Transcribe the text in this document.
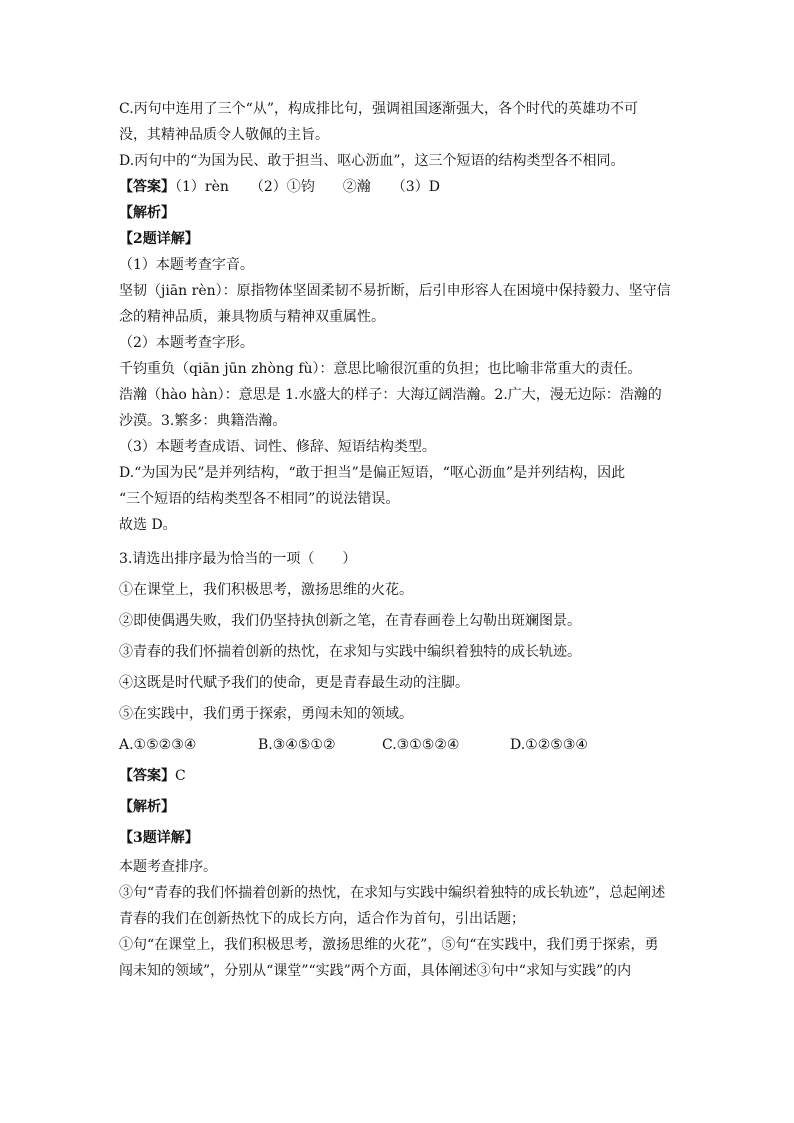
C.丙句中连用了三个“从”，构成排比句，强调祖国逐渐强大，各个时代的英雄功不可
没，其精神品质令人敬佩的主旨。
D.丙句中的“为国为民、敢于担当、呕心沥血”，这三个短语的结构类型各不相同。
【答案】（1）rèn　　（2）①钧　　②瀚　　（3）D
【解析】
【2题详解】
（1）本题考查字音。
坚韧（jiān rèn）：原指物体坚固柔韧不易折断，后引申形容人在困境中保持毅力、坚守信
念的精神品质，兼具物质与精神双重属性。
（2）本题考查字形。
千钧重负（qiān jūn zhòng fù）：意思比喻很沉重的负担；也比喻非常重大的责任。
浩瀚（hào hàn）：意思是 1.水盛大的样子：大海辽阔浩瀚。2.广大，漫无边际：浩瀚的
沙漠。3.繁多：典籍浩瀚。
（3）本题考查成语、词性、修辞、短语结构类型。
D.“为国为民”是并列结构，“敢于担当”是偏正短语，“呕心沥血”是并列结构，因此
“三个短语的结构类型各不相同”的说法错误。
故选 D。
3.请选出排序最为恰当的一项（　　）
①在课堂上，我们积极思考，激扬思维的火花。
②即使偶遇失败，我们仍坚持执创新之笔，在青春画卷上勾勒出斑斓图景。
③青春的我们怀揣着创新的热忱，在求知与实践中编织着独特的成长轨迹。
④这既是时代赋予我们的使命，更是青春最生动的注脚。
⑤在实践中，我们勇于探索，勇闯未知的领域。
A.①⑤②③④	B.③④⑤①②	C.③①⑤②④	D.①②⑤③④
【答案】C
【解析】
【3题详解】
本题考查排序。
③句“青春的我们怀揣着创新的热忱，在求知与实践中编织着独特的成长轨迹”，总起阐述
青春的我们在创新热忱下的成长方向，适合作为首句，引出话题；
①句“在课堂上，我们积极思考，激扬思维的火花”，⑤句“在实践中，我们勇于探索，勇
闯未知的领域”，分别从“课堂”“实践”两个方面，具体阐述③句中“求知与实践”的内
